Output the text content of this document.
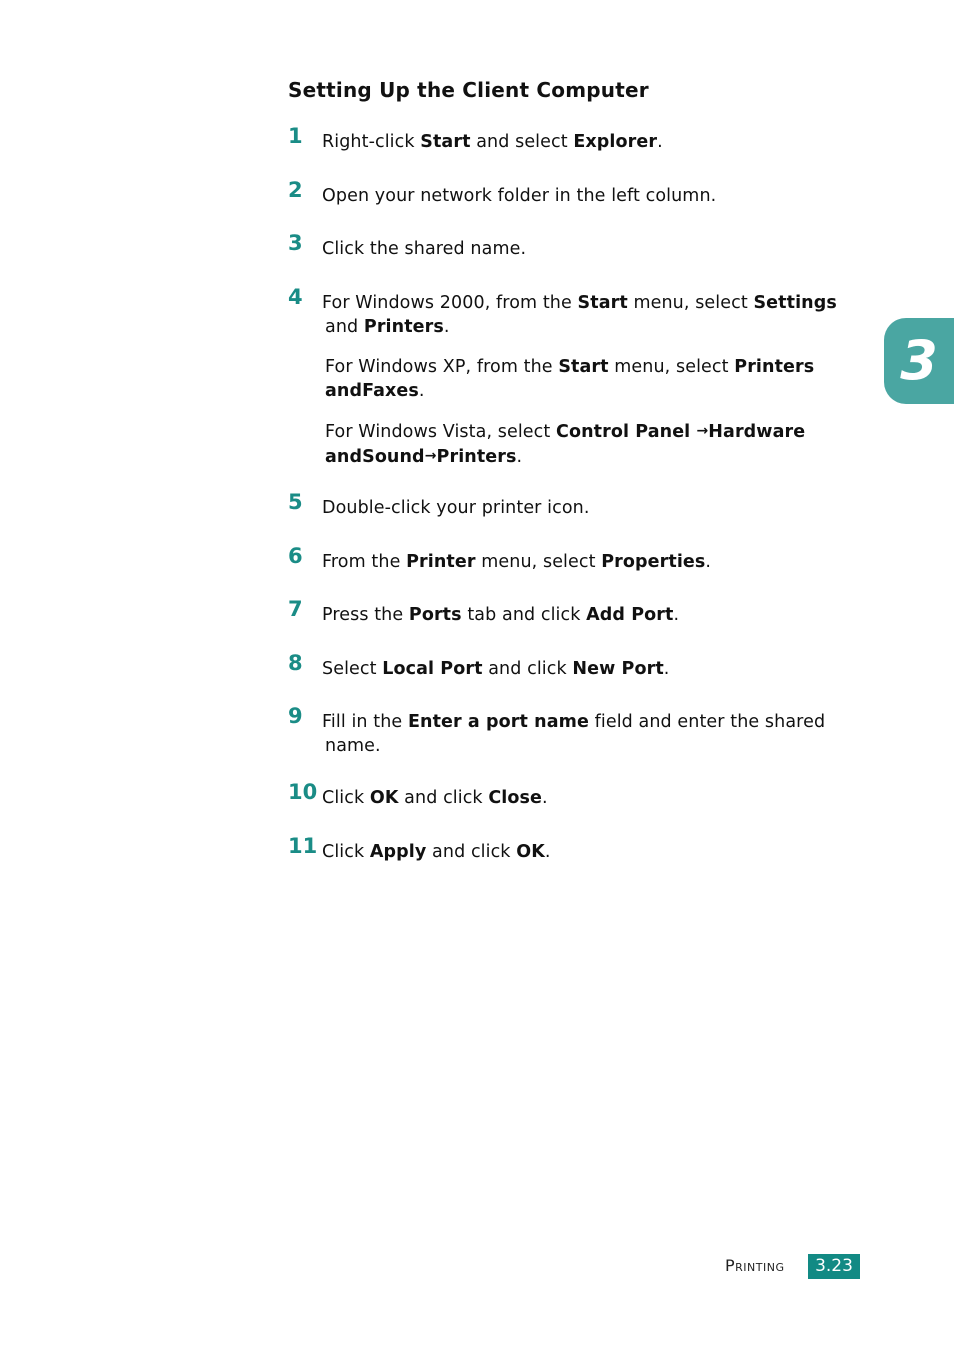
Setting Up the Client Computer
1 Right-click Start and select Explorer.
2 Open your network folder in the left column.
3 Click the shared name.
4 For Windows 2000, from the Start menu, select Settings
and Printers.
For Windows XP, from the Start menu, select Printers andFaxes.
For Windows Vista, select Control Panel →Hardware andSound→Printers.
5 Double-click your printer icon.
6 From the Printer menu, select Properties.
7 Press the Ports tab and click Add Port.
8 Select Local Port and click New Port.
9 Fill in the Enter a port name field and enter the shared
name.
10 Click OK and click Close.
11 Click Apply and click OK.
3
Printing	3.23
